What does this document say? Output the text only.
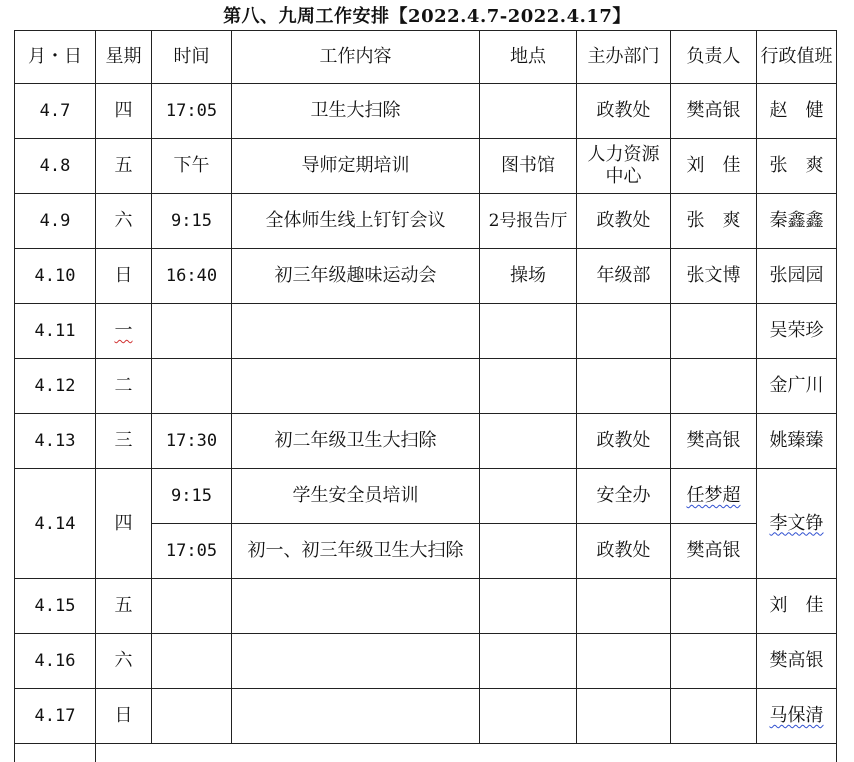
第八、九周工作安排【2022.4.7-2022.4.17】
月・日	星期	时间	工作内容	地点	主办部门	负责人	行政值班
4.7	四	17:05	卫生大扫除		政教处	樊高银	赵　健
4.8	五	下午	导师定期培训	图书馆	人力资源中心	刘　佳	张　爽
4.9	六	9:15	全体师生线上钉钉会议	2号报告厅	政教处	张　爽	秦鑫鑫
4.10	日	16:40	初三年级趣味运动会	操场	年级部	张文博	张园园
4.11	一						吴荣珍
4.12	二						金广川
4.13	三	17:30	初二年级卫生大扫除		政教处	樊高银	姚臻臻
4.14	四	9:15	学生安全员培训		安全办	任梦超	李文铮
		17:05	初一、初三年级卫生大扫除		政教处	樊高银	
4.15	五						刘　佳
4.16	六						樊高银
4.17	日						马保清
